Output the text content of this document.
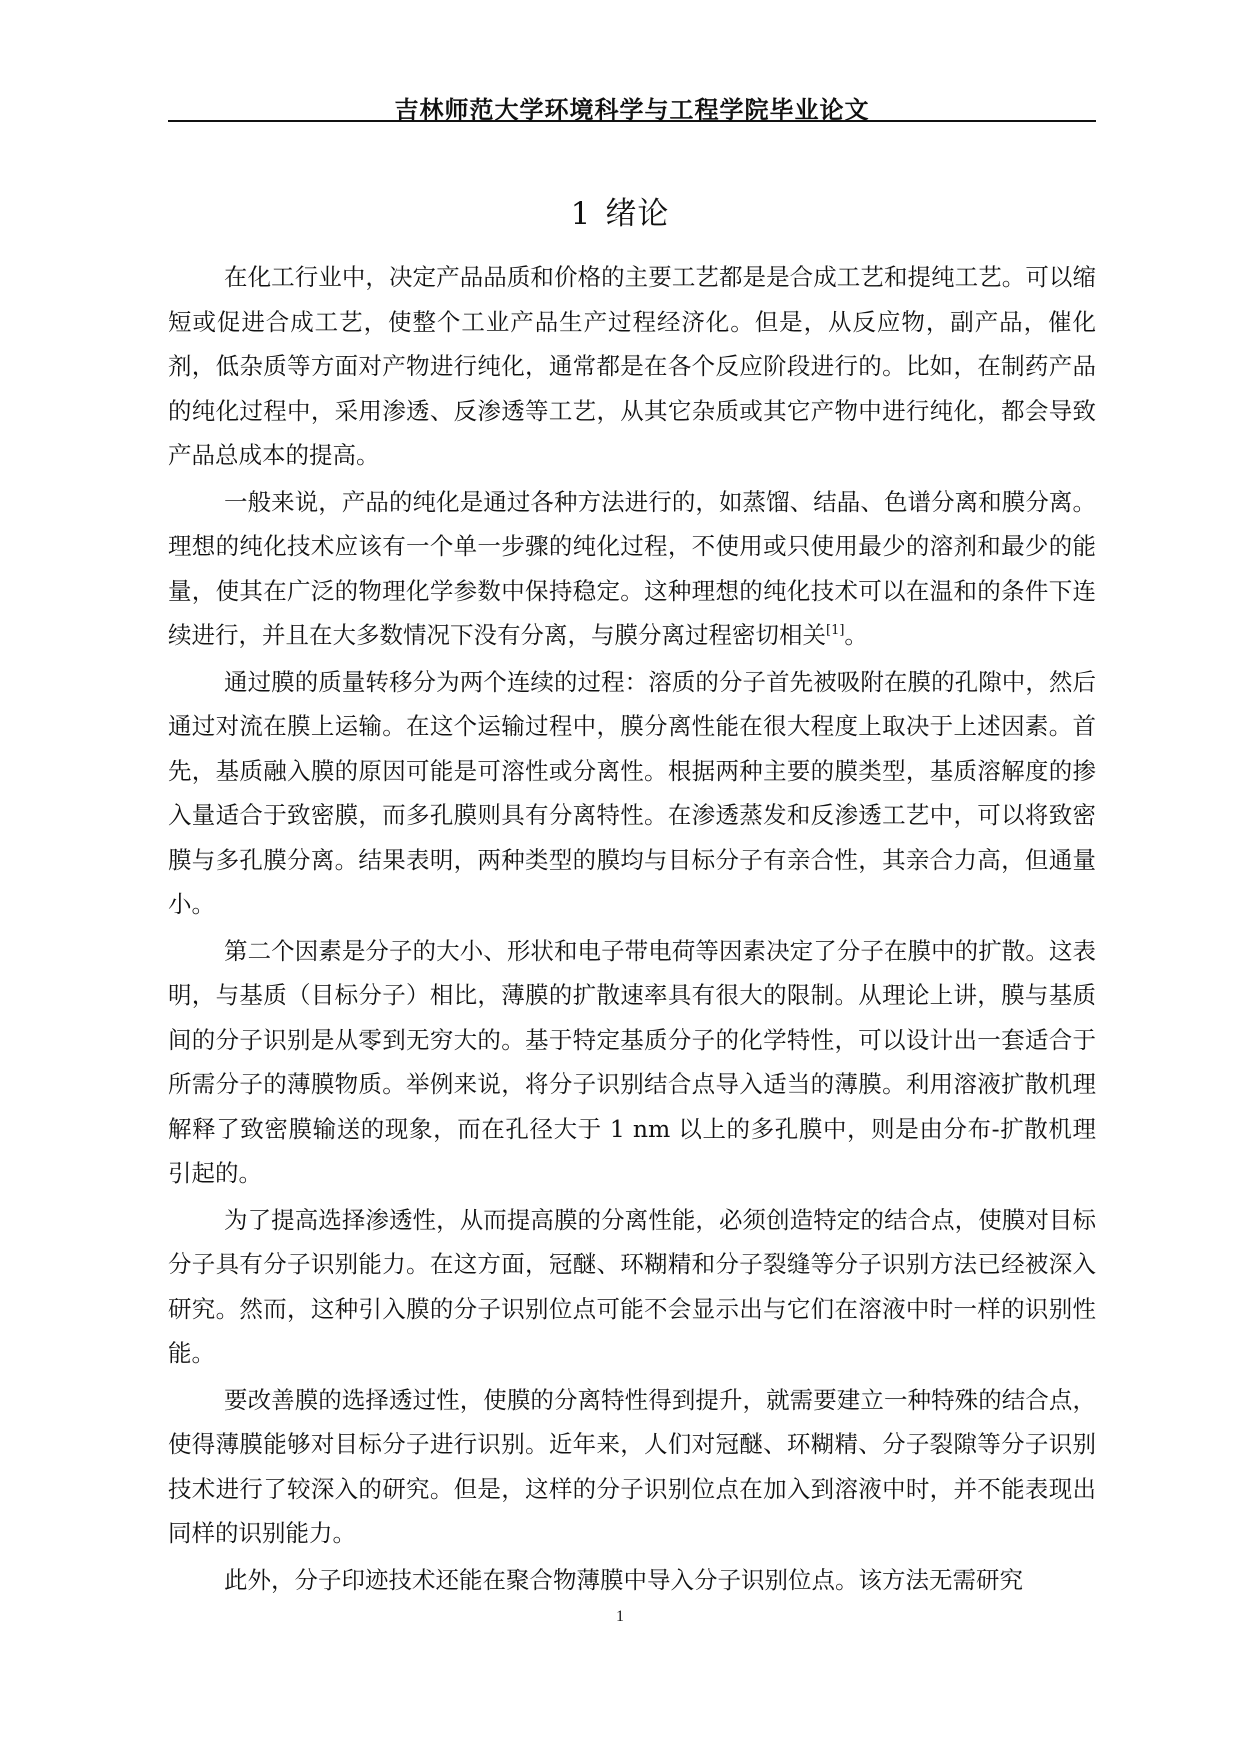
吉林师范大学环境科学与工程学院毕业论文
1 绪论

在化工行业中，决定产品品质和价格的主要工艺都是是合成工艺和提纯工艺。可以缩短或促进合成工艺，使整个工业产品生产过程经济化。但是，从反应物，副产品，催化剂，低杂质等方面对产物进行纯化，通常都是在各个反应阶段进行的。比如，在制药产品的纯化过程中，采用渗透、反渗透等工艺，从其它杂质或其它产物中进行纯化，都会导致产品总成本的提高。

一般来说，产品的纯化是通过各种方法进行的，如蒸馏、结晶、色谱分离和膜分离。理想的纯化技术应该有一个单一步骤的纯化过程，不使用或只使用最少的溶剂和最少的能量，使其在广泛的物理化学参数中保持稳定。这种理想的纯化技术可以在温和的条件下连续进行，并且在大多数情况下没有分离，与膜分离过程密切相关[1]。

通过膜的质量转移分为两个连续的过程：溶质的分子首先被吸附在膜的孔隙中，然后通过对流在膜上运输。在这个运输过程中，膜分离性能在很大程度上取决于上述因素。首先，基质融入膜的原因可能是可溶性或分离性。根据两种主要的膜类型，基质溶解度的掺入量适合于致密膜，而多孔膜则具有分离特性。在渗透蒸发和反渗透工艺中，可以将致密膜与多孔膜分离。结果表明，两种类型的膜均与目标分子有亲合性，其亲合力高，但通量小。

第二个因素是分子的大小、形状和电子带电荷等因素决定了分子在膜中的扩散。这表明，与基质（目标分子）相比，薄膜的扩散速率具有很大的限制。从理论上讲，膜与基质间的分子识别是从零到无穷大的。基于特定基质分子的化学特性，可以设计出一套适合于所需分子的薄膜物质。举例来说，将分子识别结合点导入适当的薄膜。利用溶液扩散机理解释了致密膜输送的现象，而在孔径大于 1 nm 以上的多孔膜中，则是由分布-扩散机理引起的。

为了提高选择渗透性，从而提高膜的分离性能，必须创造特定的结合点，使膜对目标分子具有分子识别能力。在这方面，冠醚、环糊精和分子裂缝等分子识别方法已经被深入研究。然而，这种引入膜的分子识别位点可能不会显示出与它们在溶液中时一样的识别性能。

要改善膜的选择透过性，使膜的分离特性得到提升，就需要建立一种特殊的结合点，使得薄膜能够对目标分子进行识别。近年来，人们对冠醚、环糊精、分子裂隙等分子识别技术进行了较深入的研究。但是，这样的分子识别位点在加入到溶液中时，并不能表现出同样的识别能力。

此外，分子印迹技术还能在聚合物薄膜中导入分子识别位点。该方法无需研究

1
